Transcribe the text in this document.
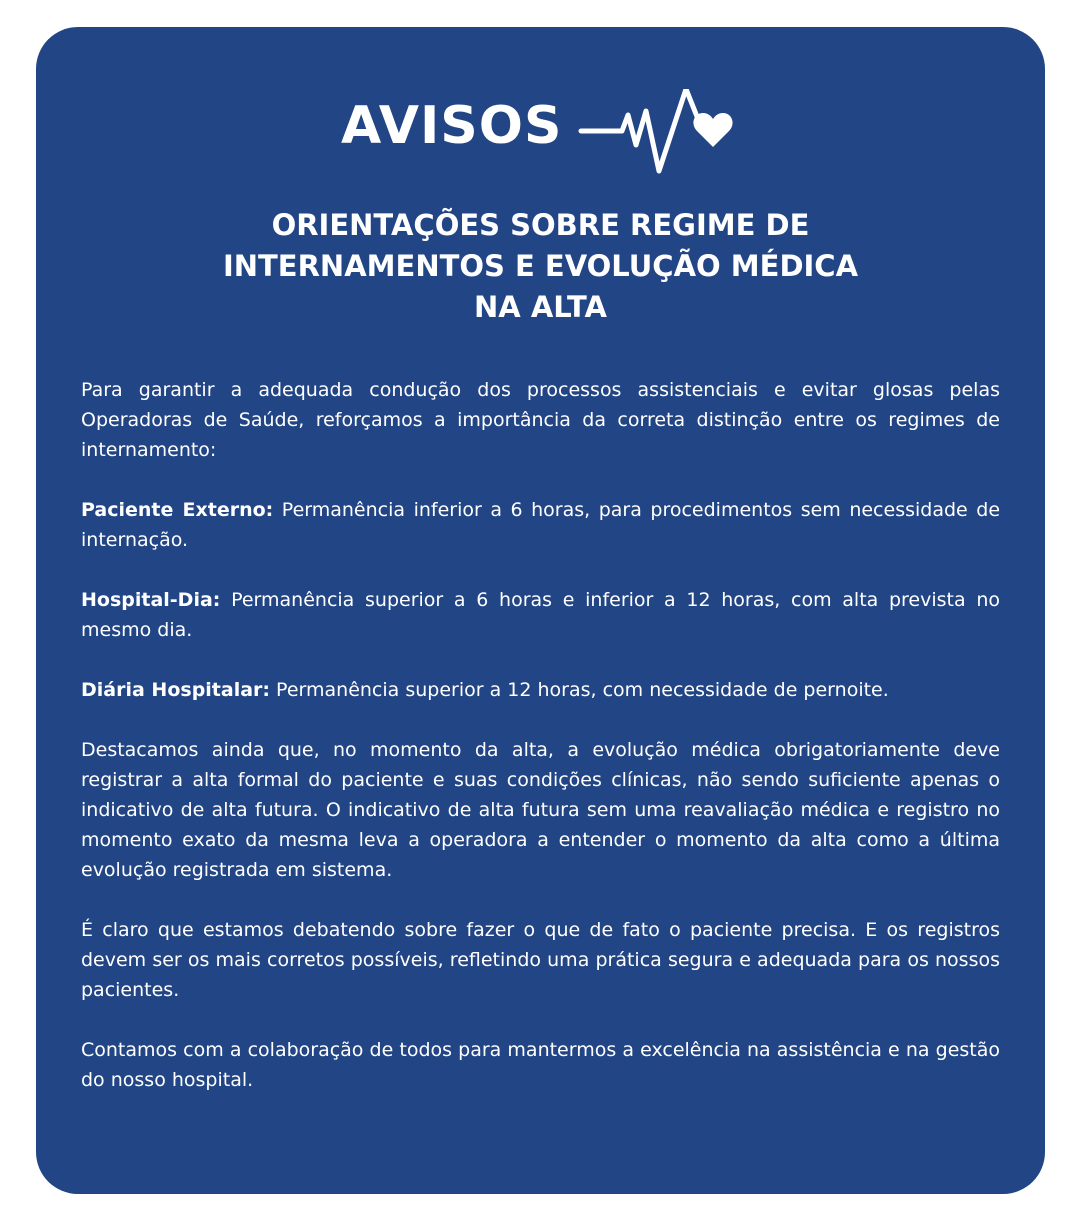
AVISOS
ORIENTAÇÕES SOBRE REGIME DE
INTERNAMENTOS E EVOLUÇÃO MÉDICA
NA ALTA

Para garantir a adequada condução dos processos assistenciais e evitar glosas pelas Operadoras de Saúde, reforçamos a importância da correta distinção entre os regimes de internamento:

Paciente Externo: Permanência inferior a 6 horas, para procedimentos sem necessidade de internação.

Hospital-Dia: Permanência superior a 6 horas e inferior a 12 horas, com alta prevista no mesmo dia.

Diária Hospitalar: Permanência superior a 12 horas, com necessidade de pernoite.

Destacamos ainda que, no momento da alta, a evolução médica obrigatoriamente deve registrar a alta formal do paciente e suas condições clínicas, não sendo suficiente apenas o indicativo de alta futura. O indicativo de alta futura sem uma reavaliação médica e registro no momento exato da mesma leva a operadora a entender o momento da alta como a última evolução registrada em sistema.

É claro que estamos debatendo sobre fazer o que de fato o paciente precisa. E os registros devem ser os mais corretos possíveis, refletindo uma prática segura e adequada para os nossos pacientes.

Contamos com a colaboração de todos para mantermos a excelência na assistência e na gestão do nosso hospital.
